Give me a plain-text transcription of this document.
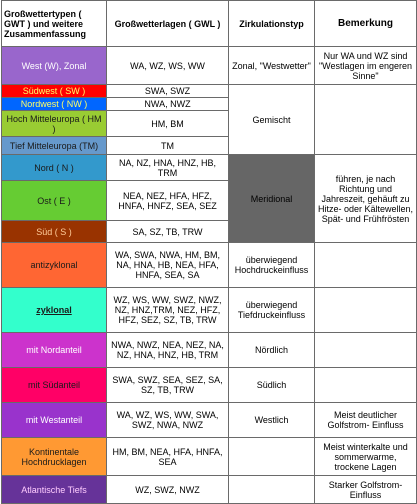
Großwettertypen ( GWT ) und weitere Zusammenfassung	Großwetterlagen ( GWL )	Zirkulationstyp	Bemerkung
West (W), Zonal	WA, WZ, WS, WW	Zonal, "Westwetter"	Nur WA und WZ sind "Westlagen im engeren Sinne"
Südwest ( SW )	SWA, SWZ	Gemischt	
Nordwest ( NW )	NWA, NWZ		
Hoch Mitteleuropa ( HM )	HM, BM		
Tief Mitteleuropa (TM)	TM		
Nord ( N )	NA, NZ, HNA, HNZ, HB, TRM	Meridional	führen, je nach Richtung und Jahreszeit, gehäuft zu Hitze- oder Kältewellen, Spät- und Frühfrösten
Ost ( E )	NEA, NEZ, HFA, HFZ, HNFA, HNFZ, SEA, SEZ		
Süd ( S )	SA, SZ, TB, TRW		
antizyklonal	WA, SWA, NWA, HM, BM, NA, HNA, HB, NEA, HFA, HNFA, SEA, SA	überwiegend Hochdruckeinfluss	
zyklonal	WZ, WS, WW, SWZ, NWZ, NZ, HNZ,TRM, NEZ, HFZ, HFZ, SEZ, SZ, TB, TRW	überwiegend Tiefdruckeinfluss	
mit Nordanteil	NWA, NWZ, NEA, NEZ, NA, NZ, HNA, HNZ, HB, TRM	Nördlich	
mit Südanteil	SWA, SWZ, SEA, SEZ, SA, SZ, TB, TRW	Südlich	
mit Westanteil	WA, WZ, WS, WW, SWA, SWZ, NWA, NWZ	Westlich	Meist deutlicher Golfstrom- Einfluss
Kontinentale Hochdrucklagen	HM, BM, NEA, HFA, HNFA, SEA		Meist winterkalte und sommerwarme, trockene Lagen
Atlantische Tiefs	WZ, SWZ, NWZ		Starker Golfstrom-Einfluss
